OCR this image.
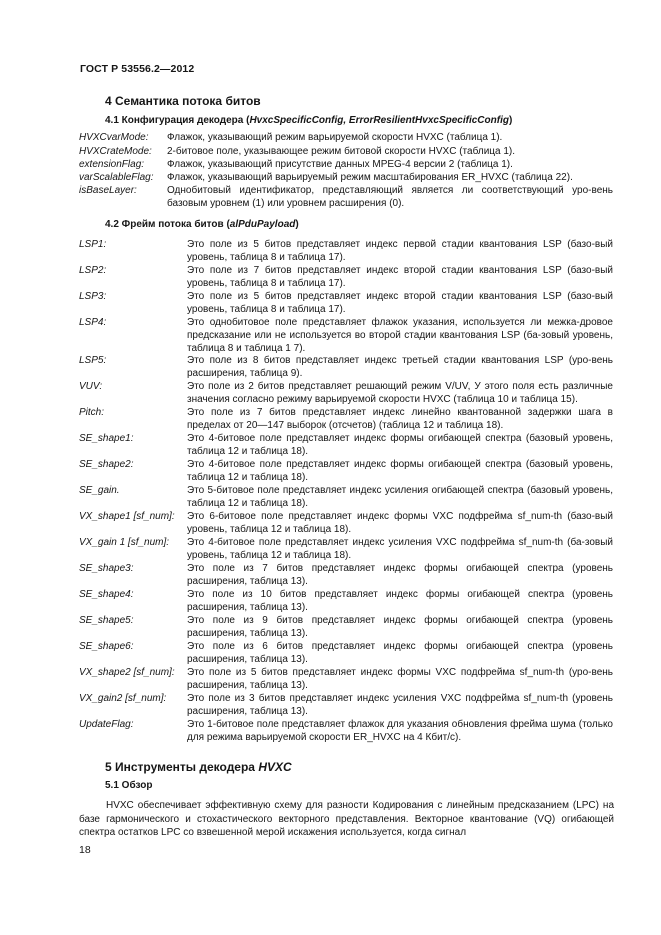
ГОСТ Р 53556.2—2012
4 Семантика потока битов
4.1 Конфигурация декодера (HvxcSpecificConfig, ErrorResilientHvxcSpecificConfig)
HVXCvarMode: Флажок, указывающий режим варьируемой скорости HVXC (таблица 1).
HVXCrateMode: 2-битовое поле, указывающее режим битовой скорости HVXC (таблица 1).
extensionFlag: Флажок, указывающий присутствие данных MPEG-4 версии 2 (таблица 1).
varScalableFlag: Флажок, указывающий варьируемый режим масштабирования ER_HVXC (таблица 22).
isBaseLayer:	Однобитовый идентификатор, представляющий является ли соответствующий уро-вень базовым уровнем (1) или уровнем расширения (0).
4.2 Фрейм потока битов (alPduPayload)
LSP1:	Это поле из 5 битов представляет индекс первой стадии квантования LSP (базо-вый уровень, таблица 8 и таблица 17).
LSP2:	Это поле из 7 битов представляет индекс второй стадии квантования LSP (базо-вый уровень, таблица 8 и таблица 17).
LSP3:	Это поле из 5 битов представляет индекс второй стадии квантования LSP (базо-вый уровень, таблица 8 и таблица 17).
LSP4:	Это однобитовое поле представляет флажок указания, используется ли межка-дровое предсказание или не используется во второй стадии квантования LSP (ба-зовый уровень, таблица 8 и таблица 1 7).
LSP5:	Это поле из 8 битов представляет индекс третьей стадии квантования LSP (уро-вень расширения, таблица 9).
VUV:	Это поле из 2 битов представляет решающий режим V/UV, У этого поля есть различные значения согласно режиму варьируемой скорости HVXC (таблица 10 и таблица 15).
Pitch:	Это поле из 7 битов представляет индекс линейно квантованной задержки шага в пределах от 20—147 выборок (отсчетов) (таблица 12 и таблица 18).
SE_shape1:	Это 4-битовое поле представляет индекс формы огибающей спектра (базовый уровень, таблица 12 и таблица 18).
SE_shape2:	Это 4-битовое поле представляет индекс формы огибающей спектра (базовый уровень, таблица 12 и таблица 18).
SE_gain.	Это 5-битовое поле представляет индекс усиления огибающей спектра (базовый уровень, таблица 12 и таблица 18).
VX_shape1 [sf_num]: Это 6-битовое поле представляет индекс формы VXC подфрейма sf_num-th (базо-вый уровень, таблица 12 и таблица 18).
VX_gain 1 [sf_num]: Это 4-битовое поле представляет индекс усиления VXC подфрейма sf_num-th (ба-зовый уровень, таблица 12 и таблица 18).
SE_shape3:	Это поле из 7 битов представляет индекс формы огибающей спектра (уровень расширения, таблица 13).
SE_shape4:	Это поле из 10 битов представляет индекс формы огибающей спектра (уровень расширения, таблица 13).
SE_shape5:	Это поле из 9 битов представляет индекс формы огибающей спектра (уровень расширения, таблица 13).
SE_shape6:	Это поле из 6 битов представляет индекс формы огибающей спектра (уровень расширения, таблица 13).
VX_shape2 [sf_num]: Это поле из 5 битов представляет индекс формы VXC подфрейма sf_num-th (уро-вень расширения, таблица 13).
VX_gain2 [sf_num]: Это поле из 3 битов представляет индекс усиления VXC подфрейма sf_num-th (уровень расширения, таблица 13).
UpdateFlag:	Это 1-битовое поле представляет флажок для указания обновления фрейма шума (только для режима варьируемой скорости ER_HVXC на 4 Кбит/с).
5 Инструменты декодера HVXC
5.1 Обзор
HVXC обеспечивает эффективную схему для разности Кодирования с линейным предсказанием (LPC) на базе гармонического и стохастического векторного представления. Векторное квантование (VQ) огибающей спектра остатков LPC со взвешенной мерой искажения используется, когда сигнал
18
